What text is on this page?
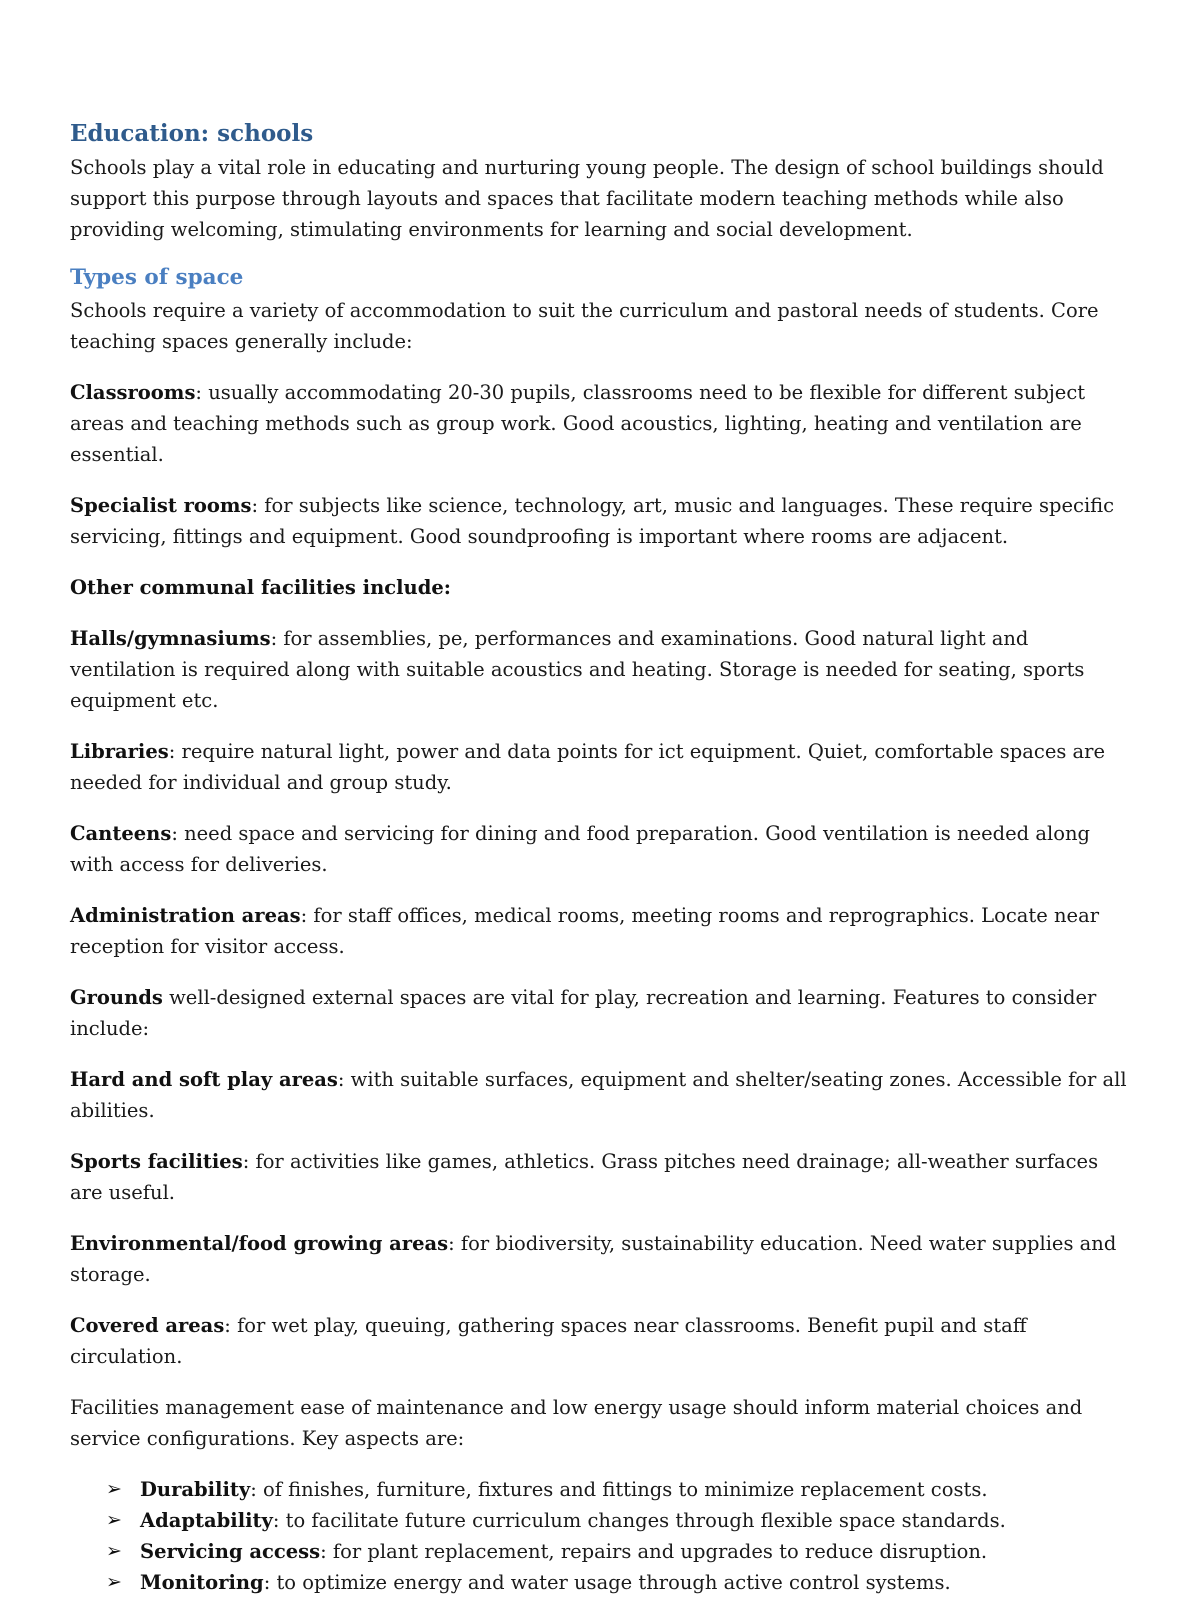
Education: schools

Schools play a vital role in educating and nurturing young people. The design of school buildings should support this purpose through layouts and spaces that facilitate modern teaching methods while also providing welcoming, stimulating environments for learning and social development.

Types of space

Schools require a variety of accommodation to suit the curriculum and pastoral needs of students. Core teaching spaces generally include:

Classrooms: usually accommodating 20-30 pupils, classrooms need to be flexible for different subject areas and teaching methods such as group work. Good acoustics, lighting, heating and ventilation are essential.

Specialist rooms: for subjects like science, technology, art, music and languages. These require specific servicing, fittings and equipment. Good soundproofing is important where rooms are adjacent.

Other communal facilities include:

Halls/gymnasiums: for assemblies, pe, performances and examinations. Good natural light and ventilation is required along with suitable acoustics and heating. Storage is needed for seating, sports equipment etc.

Libraries: require natural light, power and data points for ict equipment. Quiet, comfortable spaces are needed for individual and group study.

Canteens: need space and servicing for dining and food preparation. Good ventilation is needed along with access for deliveries.

Administration areas: for staff offices, medical rooms, meeting rooms and reprographics. Locate near reception for visitor access.

Grounds well-designed external spaces are vital for play, recreation and learning. Features to consider include:

Hard and soft play areas: with suitable surfaces, equipment and shelter/seating zones. Accessible for all abilities.

Sports facilities: for activities like games, athletics. Grass pitches need drainage; all-weather surfaces are useful.

Environmental/food growing areas: for biodiversity, sustainability education. Need water supplies and storage.

Covered areas: for wet play, queuing, gathering spaces near classrooms. Benefit pupil and staff circulation.

Facilities management ease of maintenance and low energy usage should inform material choices and service configurations. Key aspects are:

➢ Durability: of finishes, furniture, fixtures and fittings to minimize replacement costs.
➢ Adaptability: to facilitate future curriculum changes through flexible space standards.
➢ Servicing access: for plant replacement, repairs and upgrades to reduce disruption.
➢ Monitoring: to optimize energy and water usage through active control systems.
